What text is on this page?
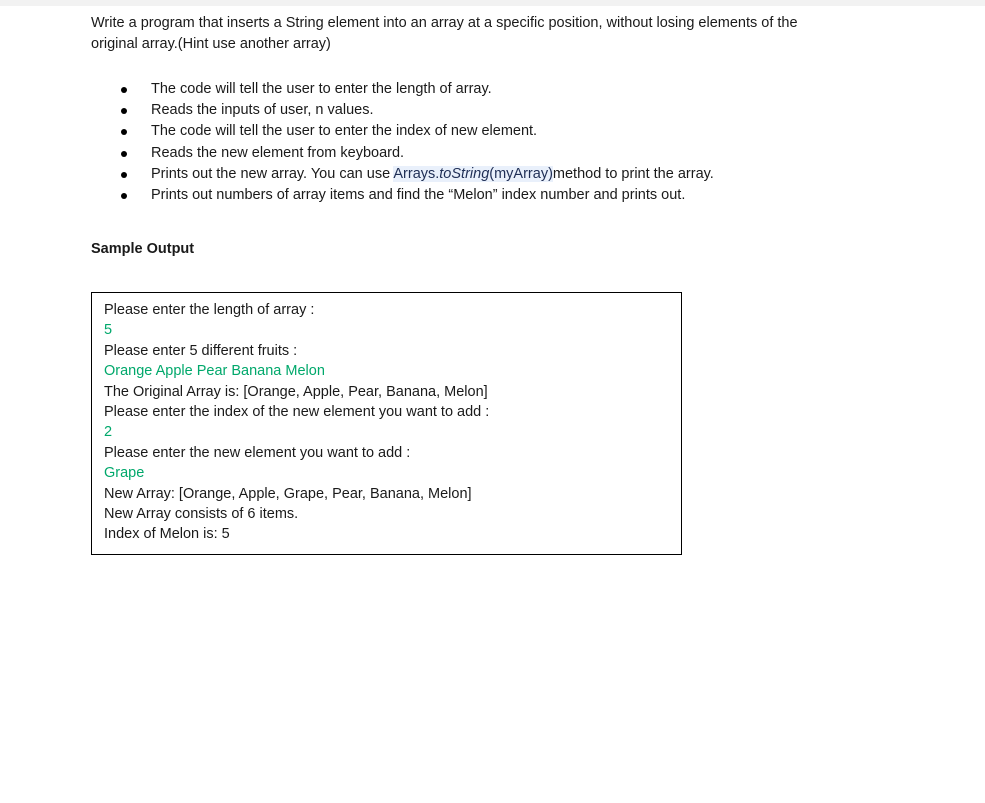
Write a program that inserts a String element into an array at a specific position, without losing elements of the
original array.(Hint use another array)

The code will tell the user to enter the length of array.
Reads the inputs of user, n values.
The code will tell the user to enter the index of new element.
Reads the new element from keyboard.
Prints out the new array. You can use Arrays.toString(myArray)method to print the array.
Prints out numbers of array items and find the “Melon” index number and prints out.
Sample Output
Please enter the length of array :
5
Please enter 5 different fruits :
Orange Apple Pear Banana Melon
The Original Array is: [Orange, Apple, Pear, Banana, Melon]
Please enter the index of the new element you want to add :
2
Please enter the new element you want to add :
Grape
New Array: [Orange, Apple, Grape, Pear, Banana, Melon]
New Array consists of 6 items.
Index of Melon is: 5
